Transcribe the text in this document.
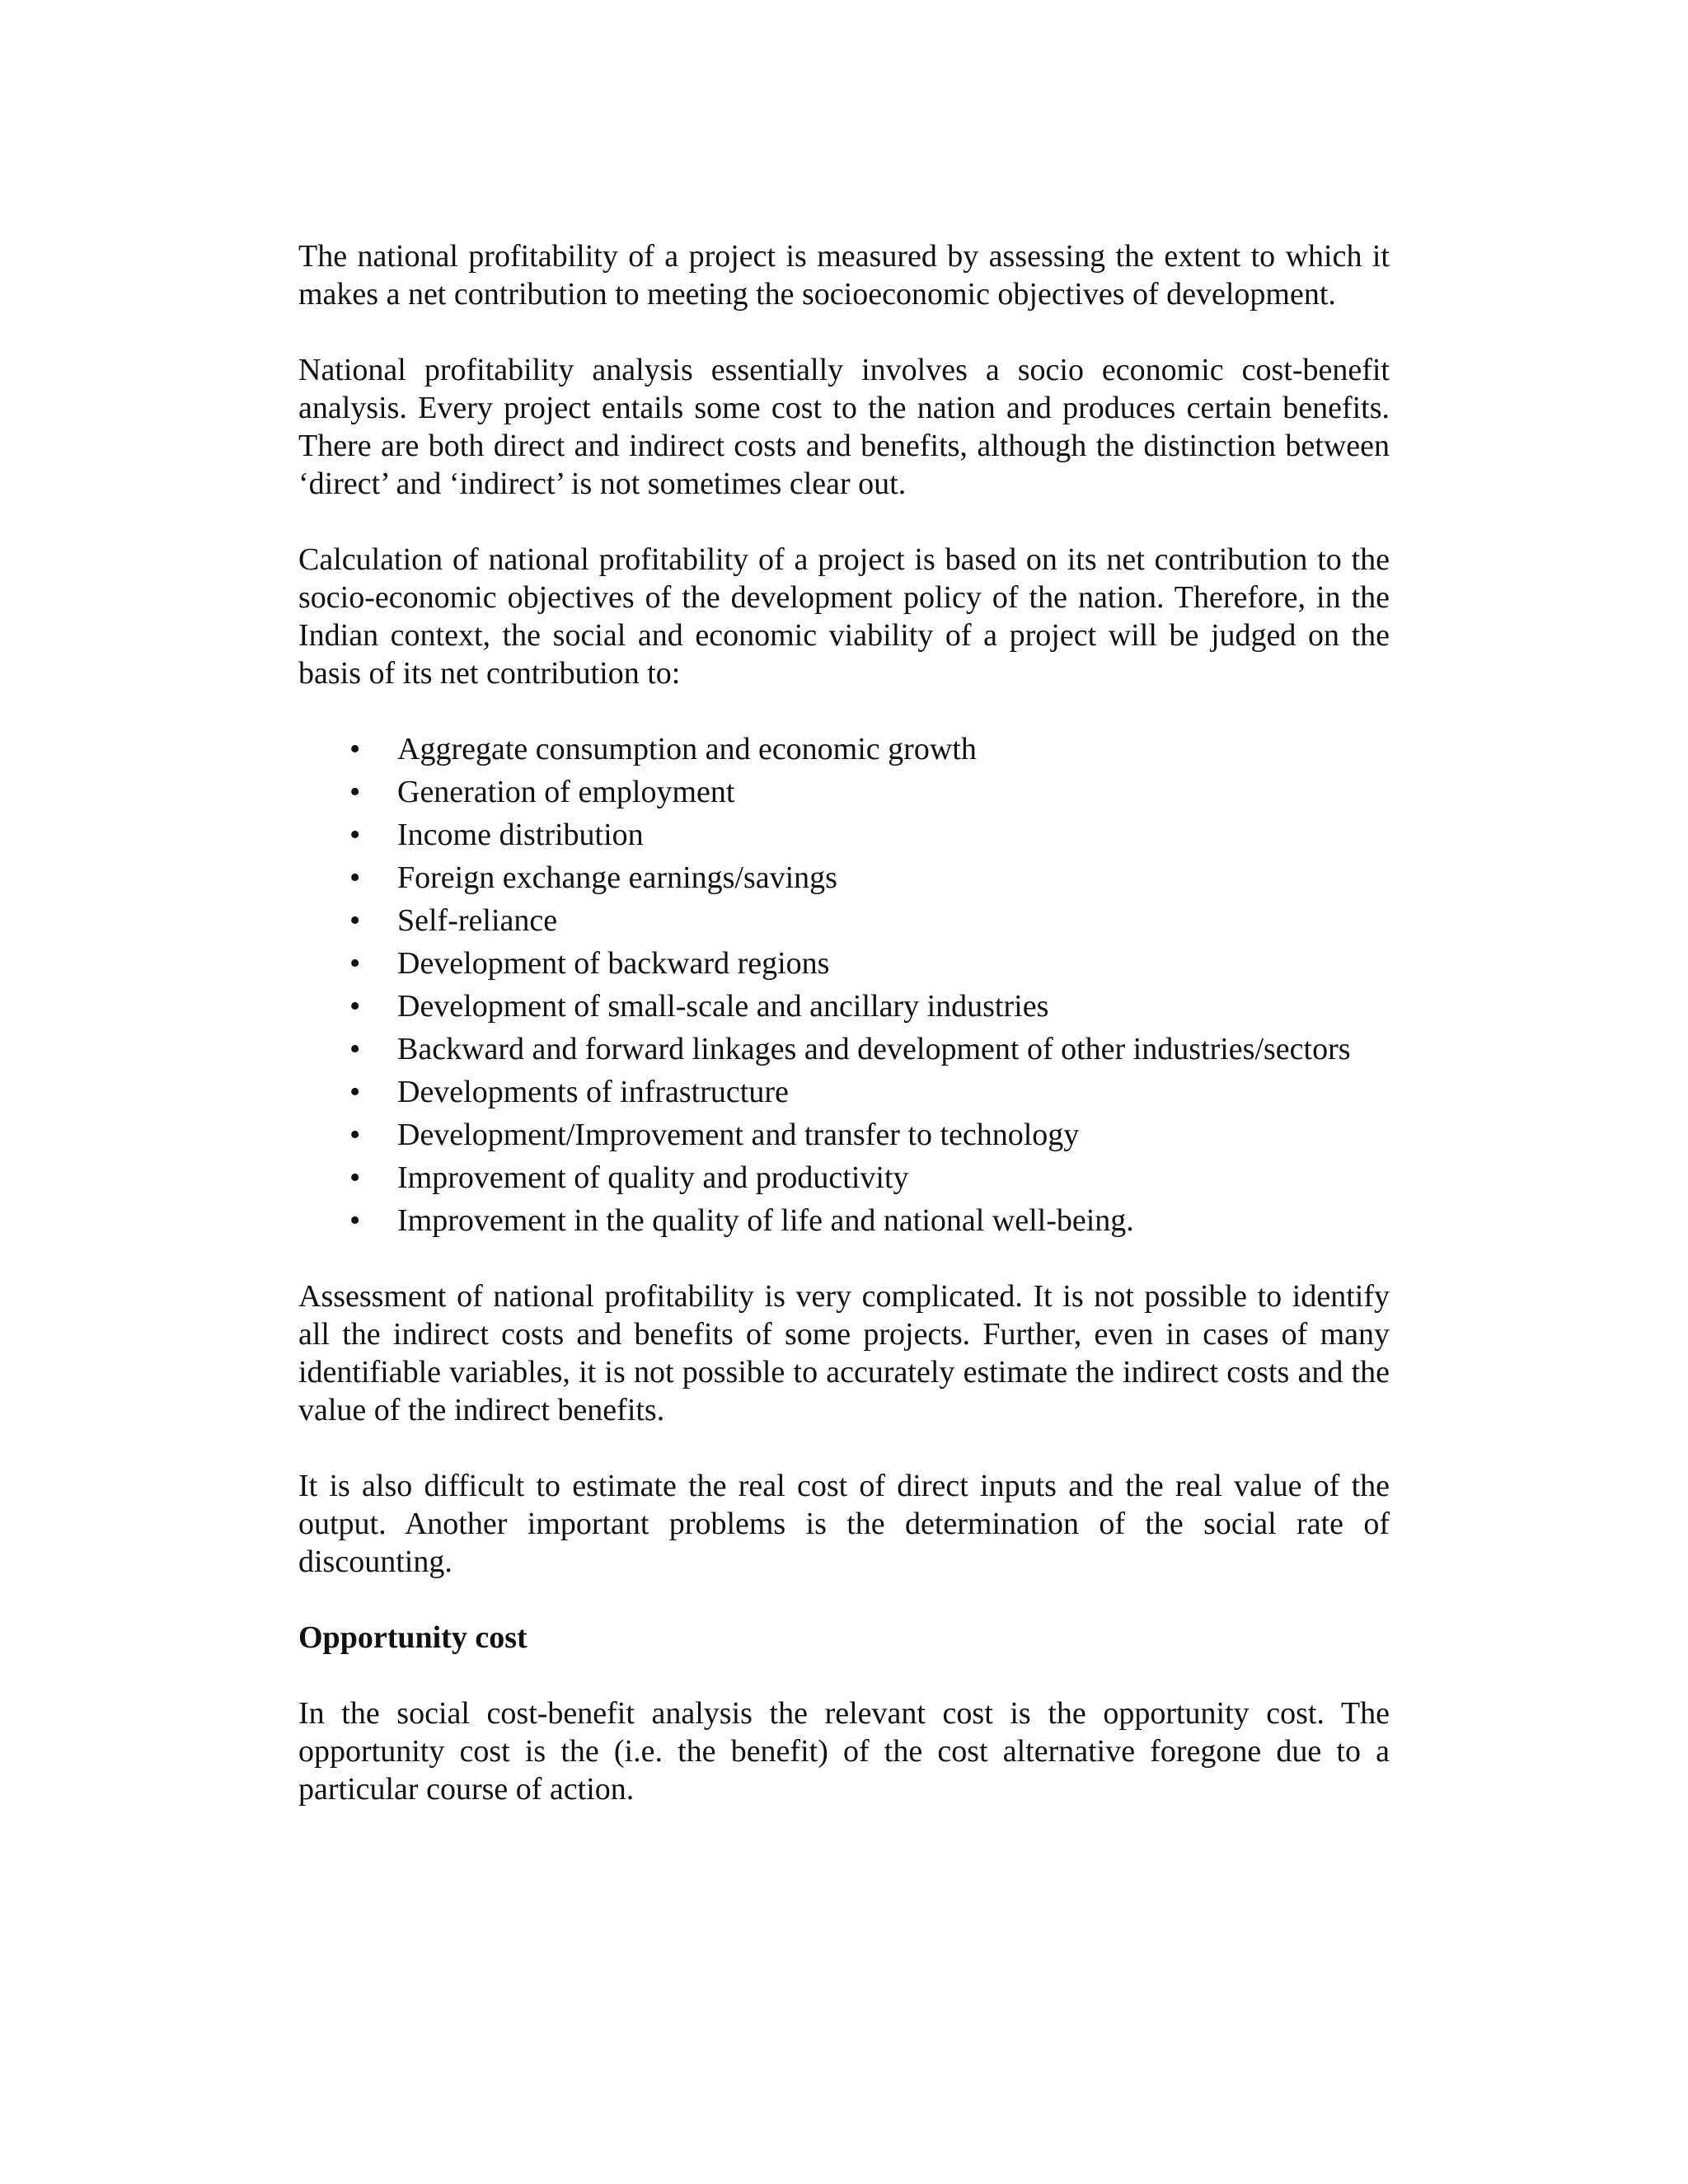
The national profitability of a project is measured by assessing the extent to which it makes a net contribution to meeting the socioeconomic objectives of development.

National profitability analysis essentially involves a socio economic cost-benefit analysis. Every project entails some cost to the nation and produces certain benefits. There are both direct and indirect costs and benefits, although the distinction between ‘direct’ and ‘indirect’ is not sometimes clear out.

Calculation of national profitability of a project is based on its net contribution to the socio-economic objectives of the development policy of the nation. Therefore, in the Indian context, the social and economic viability of a project will be judged on the basis of its net contribution to:

• Aggregate consumption and economic growth
• Generation of employment
• Income distribution
• Foreign exchange earnings/savings
• Self-reliance
• Development of backward regions
• Development of small-scale and ancillary industries
• Backward and forward linkages and development of other industries/sectors
• Developments of infrastructure
• Development/Improvement and transfer to technology
• Improvement of quality and productivity
• Improvement in the quality of life and national well-being.

Assessment of national profitability is very complicated. It is not possible to identify all the indirect costs and benefits of some projects. Further, even in cases of many identifiable variables, it is not possible to accurately estimate the indirect costs and the value of the indirect benefits.

It is also difficult to estimate the real cost of direct inputs and the real value of the output. Another important problems is the determination of the social rate of discounting.

Opportunity cost

In the social cost-benefit analysis the relevant cost is the opportunity cost. The opportunity cost is the (i.e. the benefit) of the cost alternative foregone due to a particular course of action.
